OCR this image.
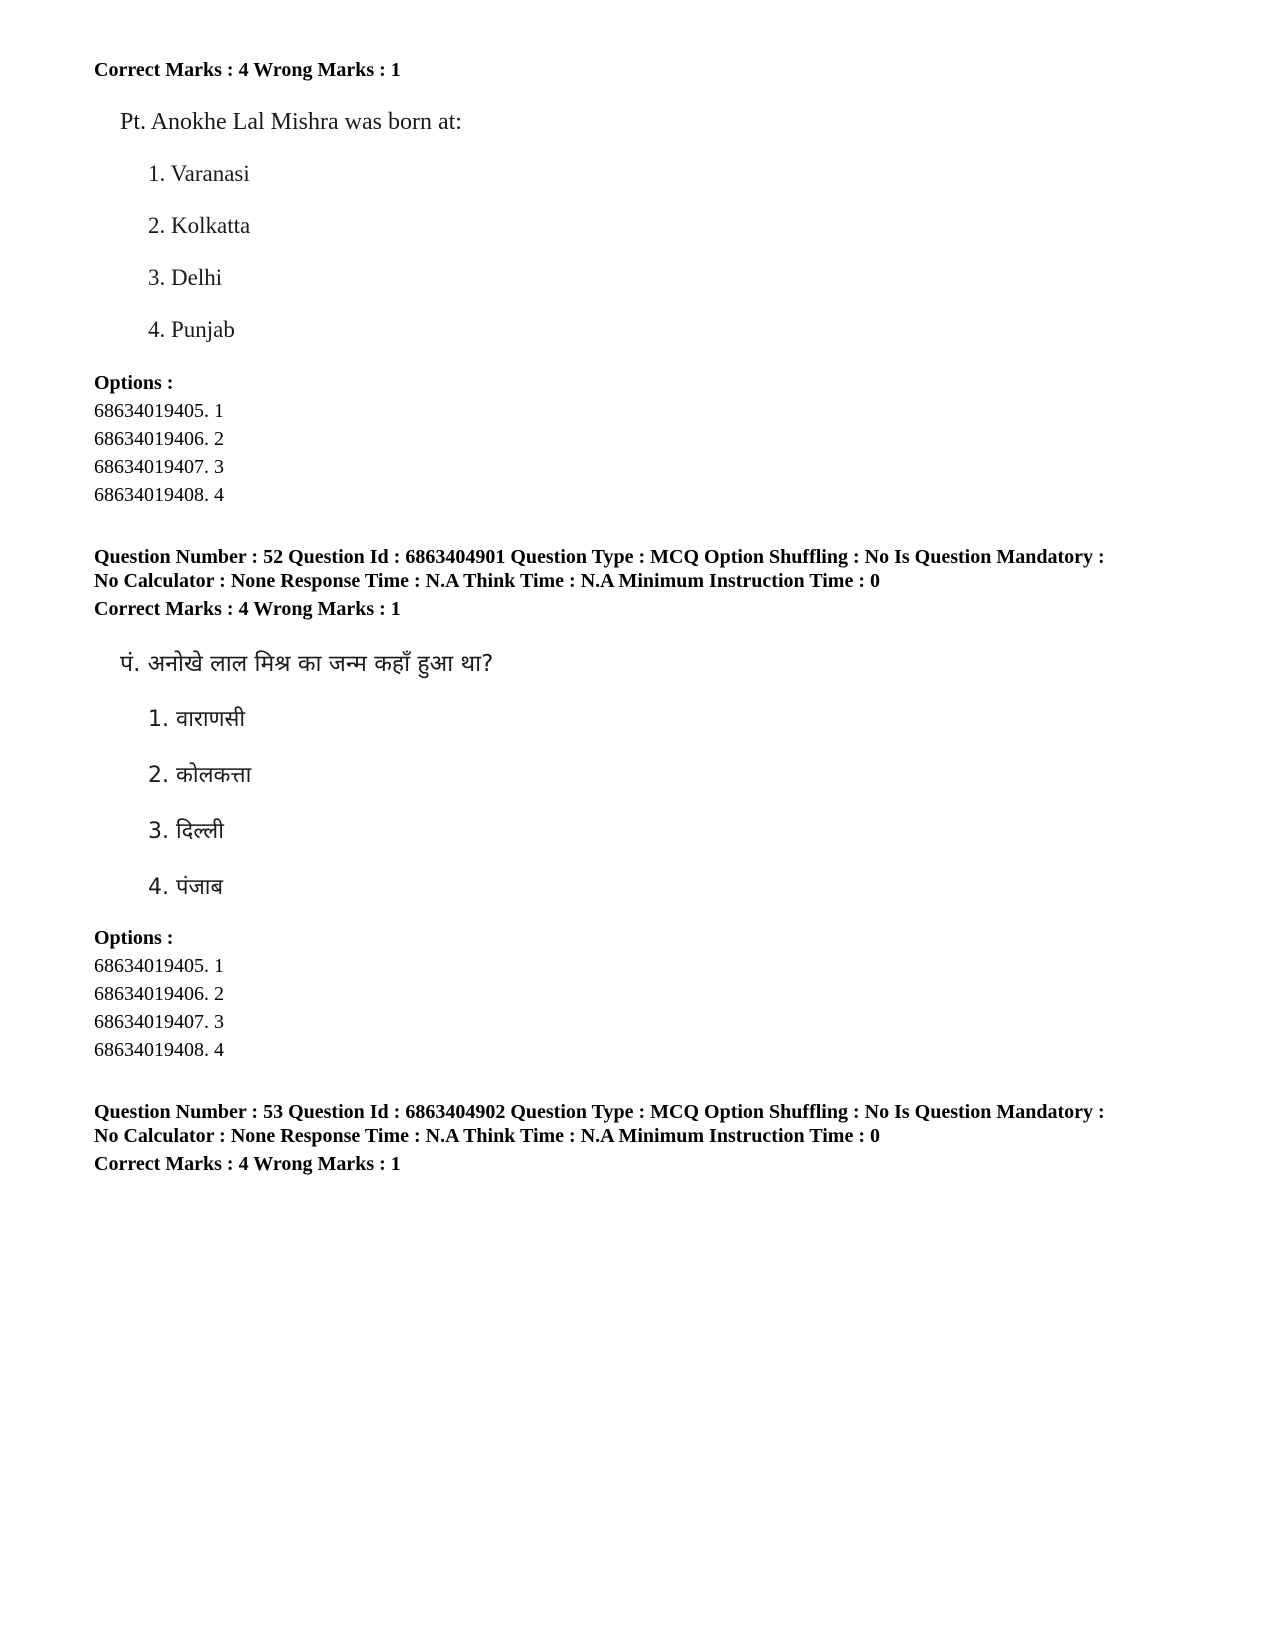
Correct Marks : 4 Wrong Marks : 1
Pt. Anokhe Lal Mishra was born at:
1. Varanasi
2. Kolkatta
3. Delhi
4. Punjab
Options :
68634019405. 1
68634019406. 2
68634019407. 3
68634019408. 4
Question Number : 52 Question Id : 6863404901 Question Type : MCQ Option Shuffling : No Is Question Mandatory :
No Calculator : None Response Time : N.A Think Time : N.A Minimum Instruction Time : 0
Correct Marks : 4 Wrong Marks : 1
पं. अनोखे लाल मिश्र का जन्म कहाँ हुआ था?
1. वाराणसी
2. कोलकत्ता
3. दिल्ली
4. पंजाब
Options :
68634019405. 1
68634019406. 2
68634019407. 3
68634019408. 4
Question Number : 53 Question Id : 6863404902 Question Type : MCQ Option Shuffling : No Is Question Mandatory :
No Calculator : None Response Time : N.A Think Time : N.A Minimum Instruction Time : 0
Correct Marks : 4 Wrong Marks : 1
